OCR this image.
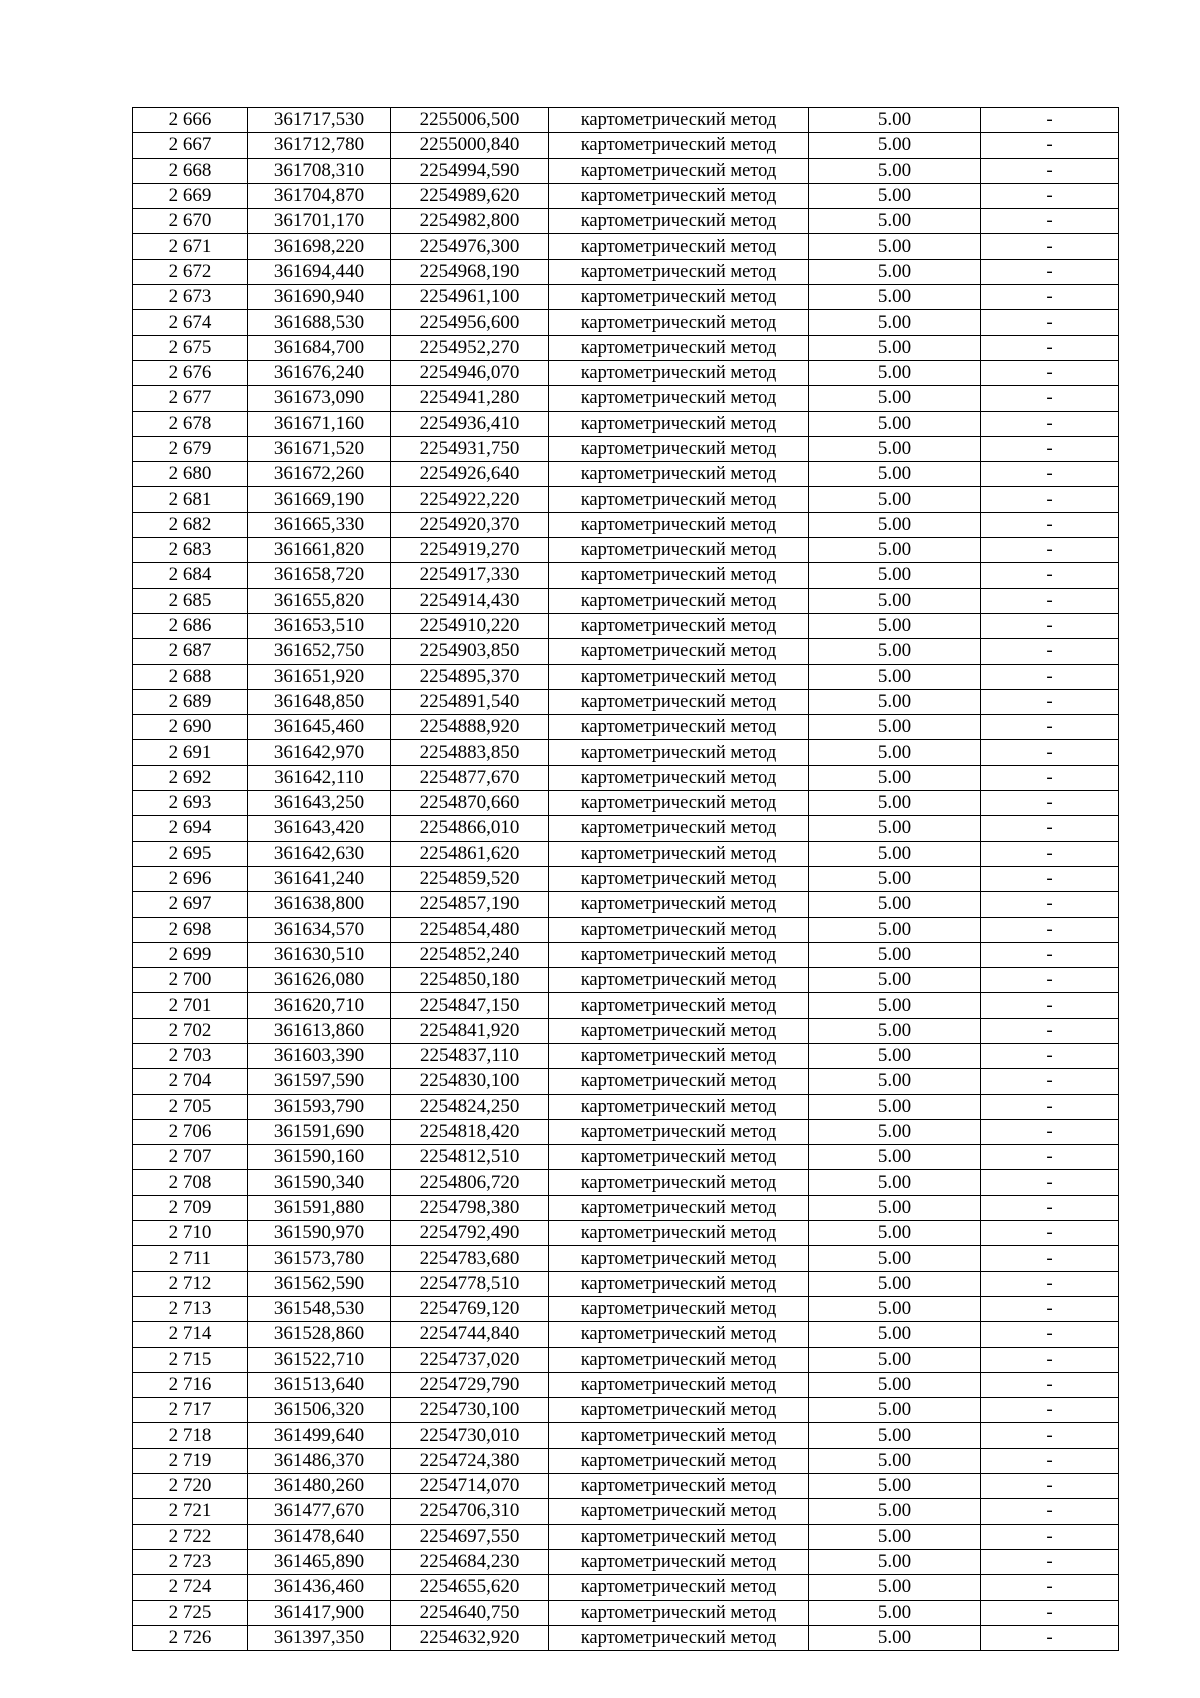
2 666	361717,530	2255006,500	картометрический метод	5.00	-
2 667	361712,780	2255000,840	картометрический метод	5.00	-
2 668	361708,310	2254994,590	картометрический метод	5.00	-
2 669	361704,870	2254989,620	картометрический метод	5.00	-
2 670	361701,170	2254982,800	картометрический метод	5.00	-
2 671	361698,220	2254976,300	картометрический метод	5.00	-
2 672	361694,440	2254968,190	картометрический метод	5.00	-
2 673	361690,940	2254961,100	картометрический метод	5.00	-
2 674	361688,530	2254956,600	картометрический метод	5.00	-
2 675	361684,700	2254952,270	картометрический метод	5.00	-
2 676	361676,240	2254946,070	картометрический метод	5.00	-
2 677	361673,090	2254941,280	картометрический метод	5.00	-
2 678	361671,160	2254936,410	картометрический метод	5.00	-
2 679	361671,520	2254931,750	картометрический метод	5.00	-
2 680	361672,260	2254926,640	картометрический метод	5.00	-
2 681	361669,190	2254922,220	картометрический метод	5.00	-
2 682	361665,330	2254920,370	картометрический метод	5.00	-
2 683	361661,820	2254919,270	картометрический метод	5.00	-
2 684	361658,720	2254917,330	картометрический метод	5.00	-
2 685	361655,820	2254914,430	картометрический метод	5.00	-
2 686	361653,510	2254910,220	картометрический метод	5.00	-
2 687	361652,750	2254903,850	картометрический метод	5.00	-
2 688	361651,920	2254895,370	картометрический метод	5.00	-
2 689	361648,850	2254891,540	картометрический метод	5.00	-
2 690	361645,460	2254888,920	картометрический метод	5.00	-
2 691	361642,970	2254883,850	картометрический метод	5.00	-
2 692	361642,110	2254877,670	картометрический метод	5.00	-
2 693	361643,250	2254870,660	картометрический метод	5.00	-
2 694	361643,420	2254866,010	картометрический метод	5.00	-
2 695	361642,630	2254861,620	картометрический метод	5.00	-
2 696	361641,240	2254859,520	картометрический метод	5.00	-
2 697	361638,800	2254857,190	картометрический метод	5.00	-
2 698	361634,570	2254854,480	картометрический метод	5.00	-
2 699	361630,510	2254852,240	картометрический метод	5.00	-
2 700	361626,080	2254850,180	картометрический метод	5.00	-
2 701	361620,710	2254847,150	картометрический метод	5.00	-
2 702	361613,860	2254841,920	картометрический метод	5.00	-
2 703	361603,390	2254837,110	картометрический метод	5.00	-
2 704	361597,590	2254830,100	картометрический метод	5.00	-
2 705	361593,790	2254824,250	картометрический метод	5.00	-
2 706	361591,690	2254818,420	картометрический метод	5.00	-
2 707	361590,160	2254812,510	картометрический метод	5.00	-
2 708	361590,340	2254806,720	картометрический метод	5.00	-
2 709	361591,880	2254798,380	картометрический метод	5.00	-
2 710	361590,970	2254792,490	картометрический метод	5.00	-
2 711	361573,780	2254783,680	картометрический метод	5.00	-
2 712	361562,590	2254778,510	картометрический метод	5.00	-
2 713	361548,530	2254769,120	картометрический метод	5.00	-
2 714	361528,860	2254744,840	картометрический метод	5.00	-
2 715	361522,710	2254737,020	картометрический метод	5.00	-
2 716	361513,640	2254729,790	картометрический метод	5.00	-
2 717	361506,320	2254730,100	картометрический метод	5.00	-
2 718	361499,640	2254730,010	картометрический метод	5.00	-
2 719	361486,370	2254724,380	картометрический метод	5.00	-
2 720	361480,260	2254714,070	картометрический метод	5.00	-
2 721	361477,670	2254706,310	картометрический метод	5.00	-
2 722	361478,640	2254697,550	картометрический метод	5.00	-
2 723	361465,890	2254684,230	картометрический метод	5.00	-
2 724	361436,460	2254655,620	картометрический метод	5.00	-
2 725	361417,900	2254640,750	картометрический метод	5.00	-
2 726	361397,350	2254632,920	картометрический метод	5.00	-
